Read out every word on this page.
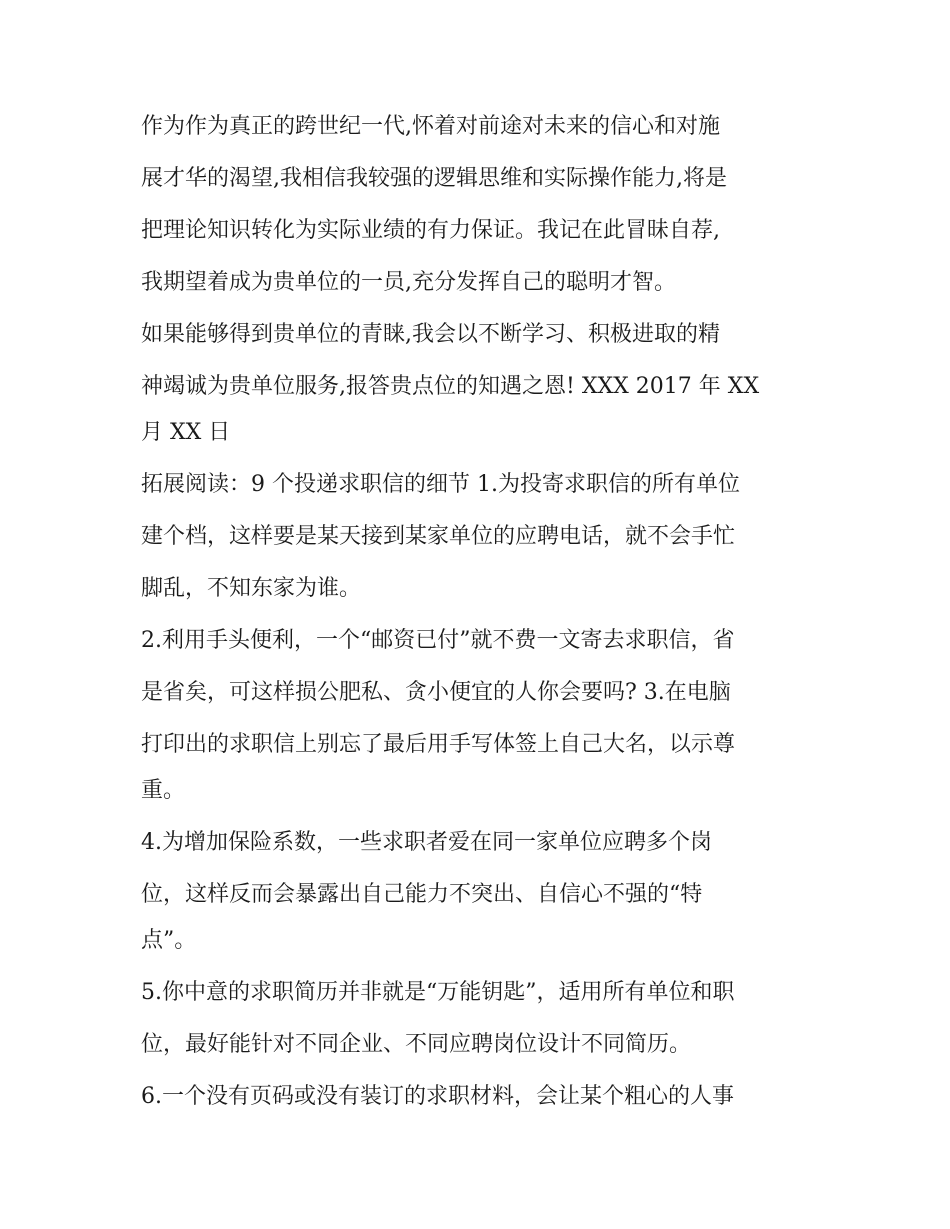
作为作为真正的跨世纪一代,怀着对前途对未来的信心和对施

展才华的渴望,我相信我较强的逻辑思维和实际操作能力,将是

把理论知识转化为实际业绩的有力保证。我记在此冒昧自荐,

我期望着成为贵单位的一员,充分发挥自己的聪明才智。

如果能够得到贵单位的青睐,我会以不断学习、积极进取的精

神竭诚为贵单位服务,报答贵点位的知遇之恩! XXX 2017 年 XX

月 XX 日

拓展阅读：9 个投递求职信的细节 1.为投寄求职信的所有单位

建个档，这样要是某天接到某家单位的应聘电话，就不会手忙

脚乱，不知东家为谁。

2.利用手头便利，一个“邮资已付”就不费一文寄去求职信，省

是省矣，可这样损公肥私、贪小便宜的人你会要吗? 3.在电脑

打印出的求职信上别忘了最后用手写体签上自己大名，以示尊

重。

4.为增加保险系数，一些求职者爱在同一家单位应聘多个岗

位，这样反而会暴露出自己能力不突出、自信心不强的“特

点”。

5.你中意的求职简历并非就是“万能钥匙”，适用所有单位和职

位，最好能针对不同企业、不同应聘岗位设计不同简历。

6.一个没有页码或没有装订的求职材料，会让某个粗心的人事
